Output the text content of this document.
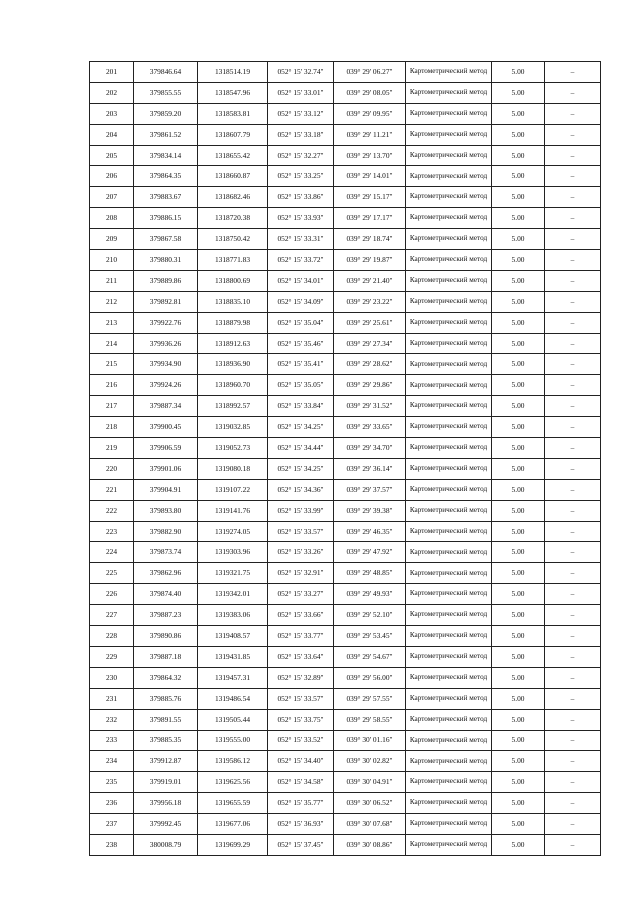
201	379846.64	1318514.19	052° 15' 32.74"	039° 29' 06.27"	Картометрический метод	5.00	–
202	379855.55	1318547.96	052° 15' 33.01"	039° 29' 08.05"	Картометрический метод	5.00	–
203	379859.20	1318583.81	052° 15' 33.12"	039° 29' 09.95"	Картометрический метод	5.00	–
204	379861.52	1318607.79	052° 15' 33.18"	039° 29' 11.21"	Картометрический метод	5.00	–
205	379834.14	1318655.42	052° 15' 32.27"	039° 29' 13.70"	Картометрический метод	5.00	–
206	379864.35	1318660.87	052° 15' 33.25"	039° 29' 14.01"	Картометрический метод	5.00	–
207	379883.67	1318682.46	052° 15' 33.86"	039° 29' 15.17"	Картометрический метод	5.00	–
208	379886.15	1318720.38	052° 15' 33.93"	039° 29' 17.17"	Картометрический метод	5.00	–
209	379867.58	1318750.42	052° 15' 33.31"	039° 29' 18.74"	Картометрический метод	5.00	–
210	379880.31	1318771.83	052° 15' 33.72"	039° 29' 19.87"	Картометрический метод	5.00	–
211	379889.86	1318800.69	052° 15' 34.01"	039° 29' 21.40"	Картометрический метод	5.00	–
212	379892.81	1318835.10	052° 15' 34.09"	039° 29' 23.22"	Картометрический метод	5.00	–
213	379922.76	1318879.98	052° 15' 35.04"	039° 29' 25.61"	Картометрический метод	5.00	–
214	379936.26	1318912.63	052° 15' 35.46"	039° 29' 27.34"	Картометрический метод	5.00	–
215	379934.90	1318936.90	052° 15' 35.41"	039° 29' 28.62"	Картометрический метод	5.00	–
216	379924.26	1318960.70	052° 15' 35.05"	039° 29' 29.86"	Картометрический метод	5.00	–
217	379887.34	1318992.57	052° 15' 33.84"	039° 29' 31.52"	Картометрический метод	5.00	–
218	379900.45	1319032.85	052° 15' 34.25"	039° 29' 33.65"	Картометрический метод	5.00	–
219	379906.59	1319052.73	052° 15' 34.44"	039° 29' 34.70"	Картометрический метод	5.00	–
220	379901.06	1319080.18	052° 15' 34.25"	039° 29' 36.14"	Картометрический метод	5.00	–
221	379904.91	1319107.22	052° 15' 34.36"	039° 29' 37.57"	Картометрический метод	5.00	–
222	379893.80	1319141.76	052° 15' 33.99"	039° 29' 39.38"	Картометрический метод	5.00	–
223	379882.90	1319274.05	052° 15' 33.57"	039° 29' 46.35"	Картометрический метод	5.00	–
224	379873.74	1319303.96	052° 15' 33.26"	039° 29' 47.92"	Картометрический метод	5.00	–
225	379862.96	1319321.75	052° 15' 32.91"	039° 29' 48.85"	Картометрический метод	5.00	–
226	379874.40	1319342.01	052° 15' 33.27"	039° 29' 49.93"	Картометрический метод	5.00	–
227	379887.23	1319383.06	052° 15' 33.66"	039° 29' 52.10"	Картометрический метод	5.00	–
228	379890.86	1319408.57	052° 15' 33.77"	039° 29' 53.45"	Картометрический метод	5.00	–
229	379887.18	1319431.85	052° 15' 33.64"	039° 29' 54.67"	Картометрический метод	5.00	–
230	379864.32	1319457.31	052° 15' 32.89"	039° 29' 56.00"	Картометрический метод	5.00	–
231	379885.76	1319486.54	052° 15' 33.57"	039° 29' 57.55"	Картометрический метод	5.00	–
232	379891.55	1319505.44	052° 15' 33.75"	039° 29' 58.55"	Картометрический метод	5.00	–
233	379885.35	1319555.00	052° 15' 33.52"	039° 30' 01.16"	Картометрический метод	5.00	–
234	379912.87	1319586.12	052° 15' 34.40"	039° 30' 02.82"	Картометрический метод	5.00	–
235	379919.01	1319625.56	052° 15' 34.58"	039° 30' 04.91"	Картометрический метод	5.00	–
236	379956.18	1319655.59	052° 15' 35.77"	039° 30' 06.52"	Картометрический метод	5.00	–
237	379992.45	1319677.06	052° 15' 36.93"	039° 30' 07.68"	Картометрический метод	5.00	–
238	380008.79	1319699.29	052° 15' 37.45"	039° 30' 08.86"	Картометрический метод	5.00	–
